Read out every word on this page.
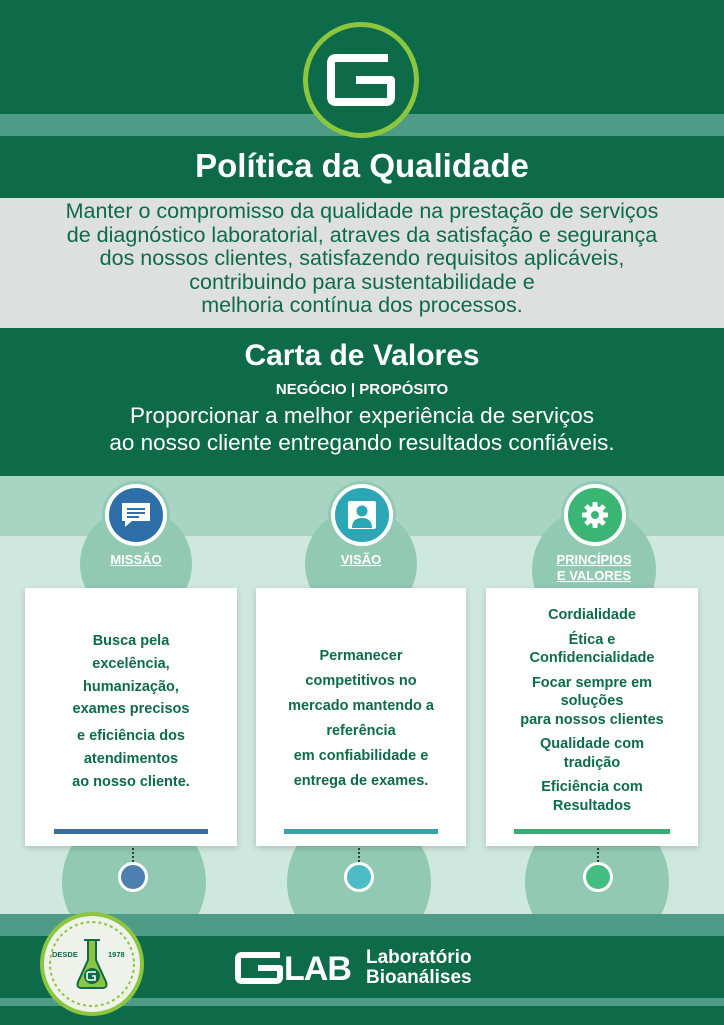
Política da Qualidade
Manter o compromisso da qualidade na prestação de serviços
de diagnóstico laboratorial, atraves da satisfação e segurança
dos nossos clientes, satisfazendo requisitos aplicáveis,
contribuindo para sustentabilidade e
melhoria contínua dos processos.
Carta de Valores
NEGÓCIO | PROPÓSITO
Proporcionar a melhor experiência de serviços
ao nosso cliente entregando resultados confiáveis.
MISSÃO	VISÃO	PRINCÍPIOS
E VALORES
Busca pela
excelência,
humanização,
exames precisos
e eficiência dos
atendimentos
ao nosso cliente.
Permanecer
competitivos no
mercado mantendo a
referência
em confiabilidade e
entrega de exames.
Cordialidade
Ética e
Confidencialidade
Focar sempre em
soluções
para nossos clientes
Qualidade com
tradição
Eficiência com
Resultados
DESDE	1978	LAB Laboratório
Bioanálises
